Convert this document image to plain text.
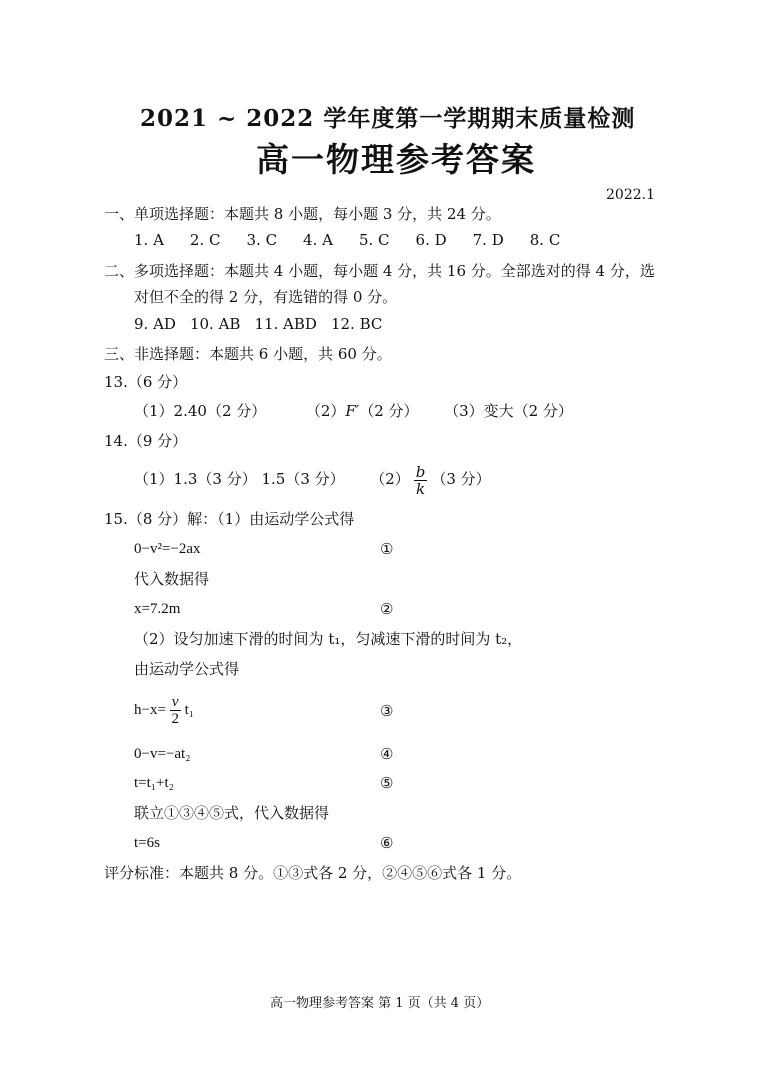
2021 ~ 2022 学年度第一学期期末质量检测
高一物理参考答案
2022.1
一、单项选择题：本题共 8 小题，每小题 3 分，共 24 分。
1. A 2. C 3. C 4. A 5. C 6. D 7. D 8. C
二、多项选择题：本题共 4 小题，每小题 4 分，共 16 分。全部选对的得 4 分，选
对但不全的得 2 分，有选错的得 0 分。
9. AD 10. AB 11. ABD 12. BC
三、非选择题：本题共 6 小题，共 60 分。
13.（6 分）
（1）2.40（2 分）	（2）F′（2 分） （3）变大（2 分）
14.（9 分）
（1）1.3（3 分） 1.5（3 分） $(2) \frac{b}{k} (3$ 分）
15.（8 分）解：（1）由运动学公式得
0−v²=−2ax	①
代入数据得
x=7.2m	②
（2）设匀加速下滑的时间为 t₁，匀减速下滑的时间为 t₂，
由运动学公式得
$h-x= \frac{v}{2} t_1$	③
0−v=−at₂	④
t=t₁+t₂	⑤
联立①③④⑤式，代入数据得
t=6s	⑥
评分标准：本题共 8 分。①③式各 2 分，②④⑤⑥式各 1 分。
高一物理参考答案 第 1 页（共 4 页）
